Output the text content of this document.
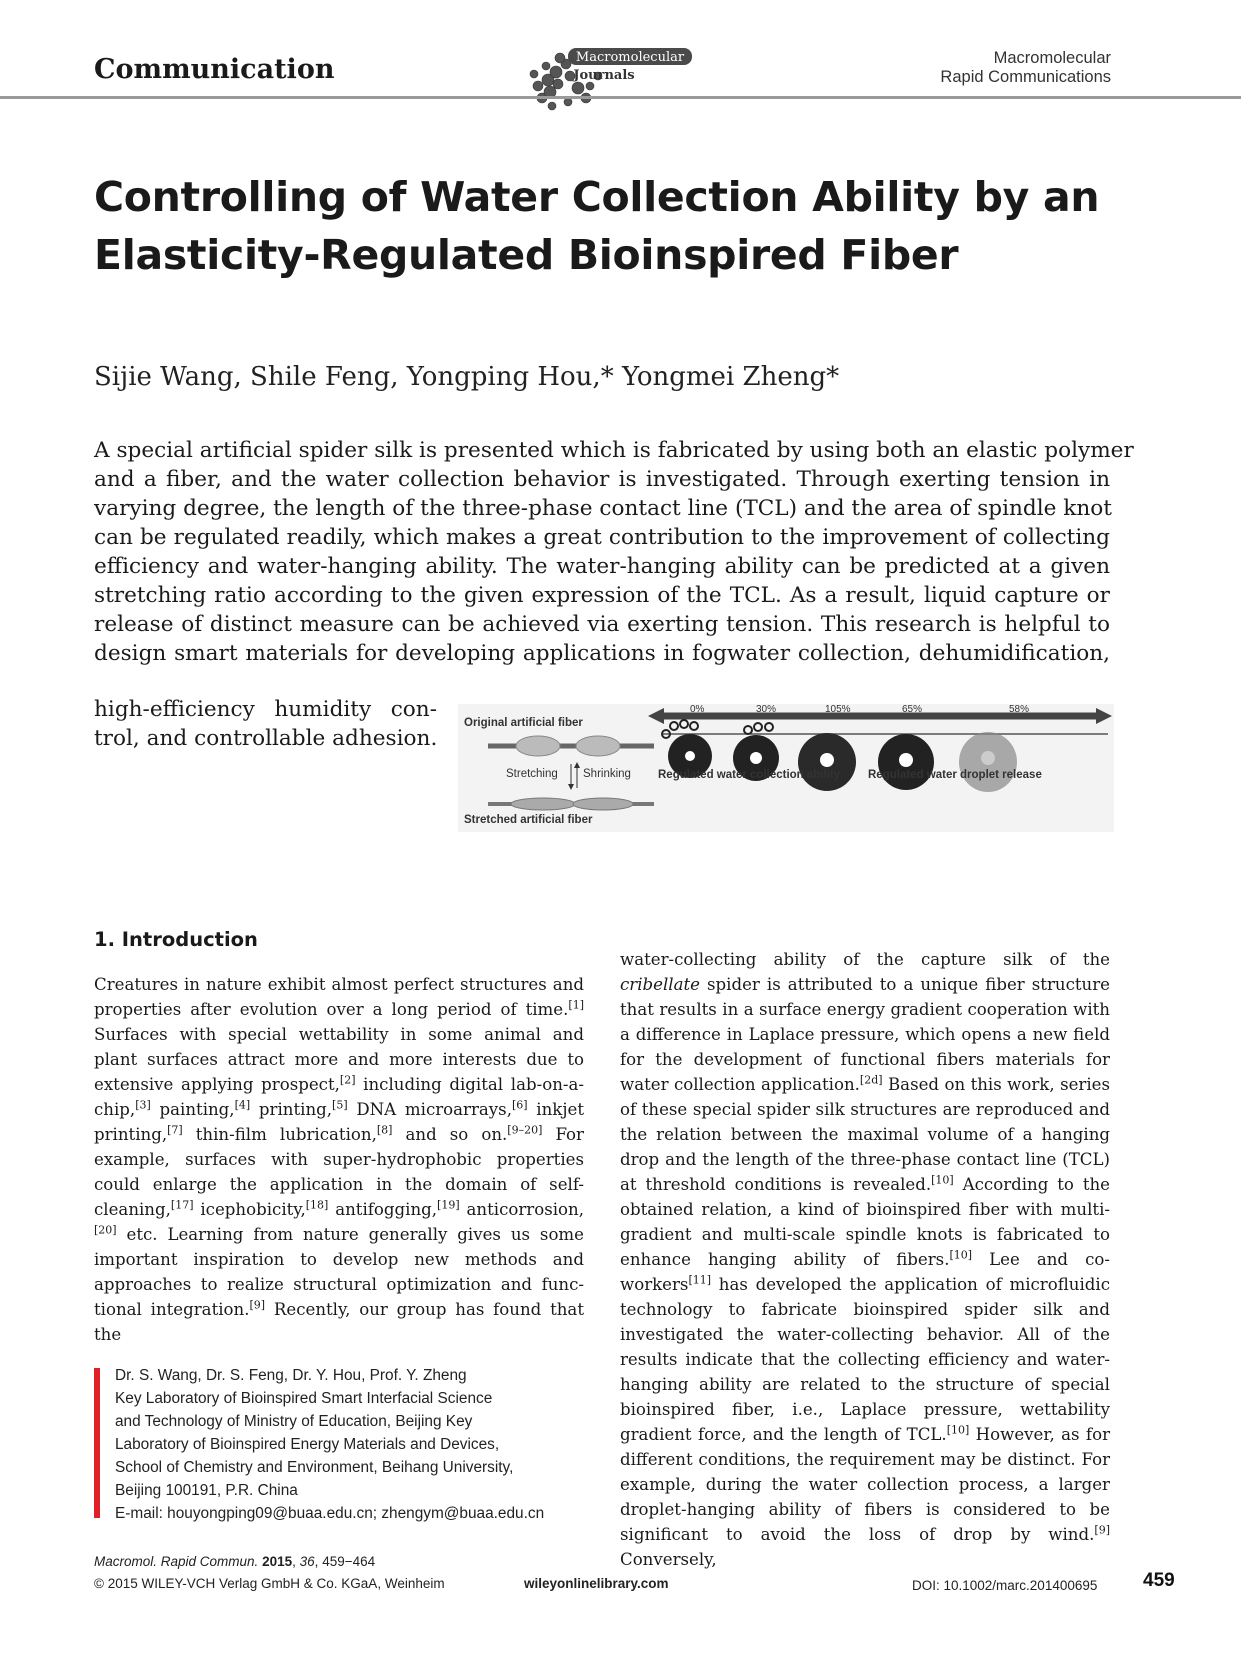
Communication	Macromolecular
Journals
Macromolecular
Rapid Communications
Controlling of Water Collection Ability by an
Elasticity-Regulated Bioinspired Fiber
Sijie Wang, Shile Feng, Yongping Hou,* Yongmei Zheng*
A special artificial spider silk is presented which is fabricated by using both an elastic polymer
and a fiber, and the water collection behavior is investigated. Through exerting tension in
varying degree, the length of the three-phase contact line (TCL) and the area of spindle knot
can be regulated readily, which makes a great contribution to the improvement of collecting
efficiency and water-hanging ability. The water-hanging ability can be predicted at a given
stretching ratio according to the given expression of the TCL. As a result, liquid capture or
release of distinct measure can be achieved via exerting tension. This research is helpful to
design smart materials for developing applications in fogwater collection, dehumidification,
high-efficiency humidity con-
trol, and controllable adhesion.
Original artificial fiber
Stretching Shrinking
Stretched artificial fiber
0%	30%	105%	65%	58%
Regulated water collection ability Regulated water droplet release
1. Introduction

Creatures in nature exhibit almost perfect structures and properties after evolution over a long period of time.[1] Surfaces with special wettability in some animal and plant surfaces attract more and more interests due to extensive applying prospect,[2] including digital lab-on-a-chip,[3] painting,[4] printing,[5] DNA microarrays,[6] inkjet printing,[7] thin-film lubrication,[8] and so on.[9–20] For example, surfaces with super-hydrophobic properties could enlarge the application in the domain of self-cleaning,[17] icephobicity,[18] antifogging,[19] anticorrosion,[20] etc. Learning from nature generally gives us some important inspiration to develop new methods and approaches to realize structural optimization and functional integration.[9] Recently, our group has found that the

water-collecting ability of the capture silk of the cribellate spider is attributed to a unique fiber structure that results in a surface energy gradient cooperation with a difference in Laplace pressure, which opens a new field for the development of functional fibers materials for water collection application.[2d] Based on this work, series of these special spider silk structures are reproduced and the relation between the maximal volume of a hanging drop and the length of the three-phase contact line (TCL) at threshold conditions is revealed.[10] According to the obtained relation, a kind of bioinspired fiber with multi-gradient and multi-scale spindle knots is fabricated to enhance hanging ability of fibers.[10] Lee and co-workers[11] has developed the application of microfluidic technology to fabricate bioinspired spider silk and investigated the water-collecting behavior. All of the results indicate that the collecting efficiency and water-hanging ability are related to the structure of special bioinspired fiber, i.e., Laplace pressure, wettability gradient force, and the length of TCL.[10] However, as for different conditions, the requirement may be distinct. For example, during the water collection process, a larger droplet-hanging ability of fibers is considered to be significant to avoid the loss of drop by wind.[9] Conversely,

Dr. S. Wang, Dr. S. Feng, Dr. Y. Hou, Prof. Y. Zheng
Key Laboratory of Bioinspired Smart Interfacial Science
and Technology of Ministry of Education, Beijing Key
Laboratory of Bioinspired Energy Materials and Devices,
School of Chemistry and Environment, Beihang University,
Beijing 100191, P.R. China
E-mail: houyongping09@buaa.edu.cn; zhengym@buaa.edu.cn
Macromol. Rapid Commun. 2015, 36, 459−464
© 2015 WILEY-VCH Verlag GmbH & Co. KGaA, Weinheim	wileyonlinelibrary.com	DOI: 10.1002/marc.201400695 459
